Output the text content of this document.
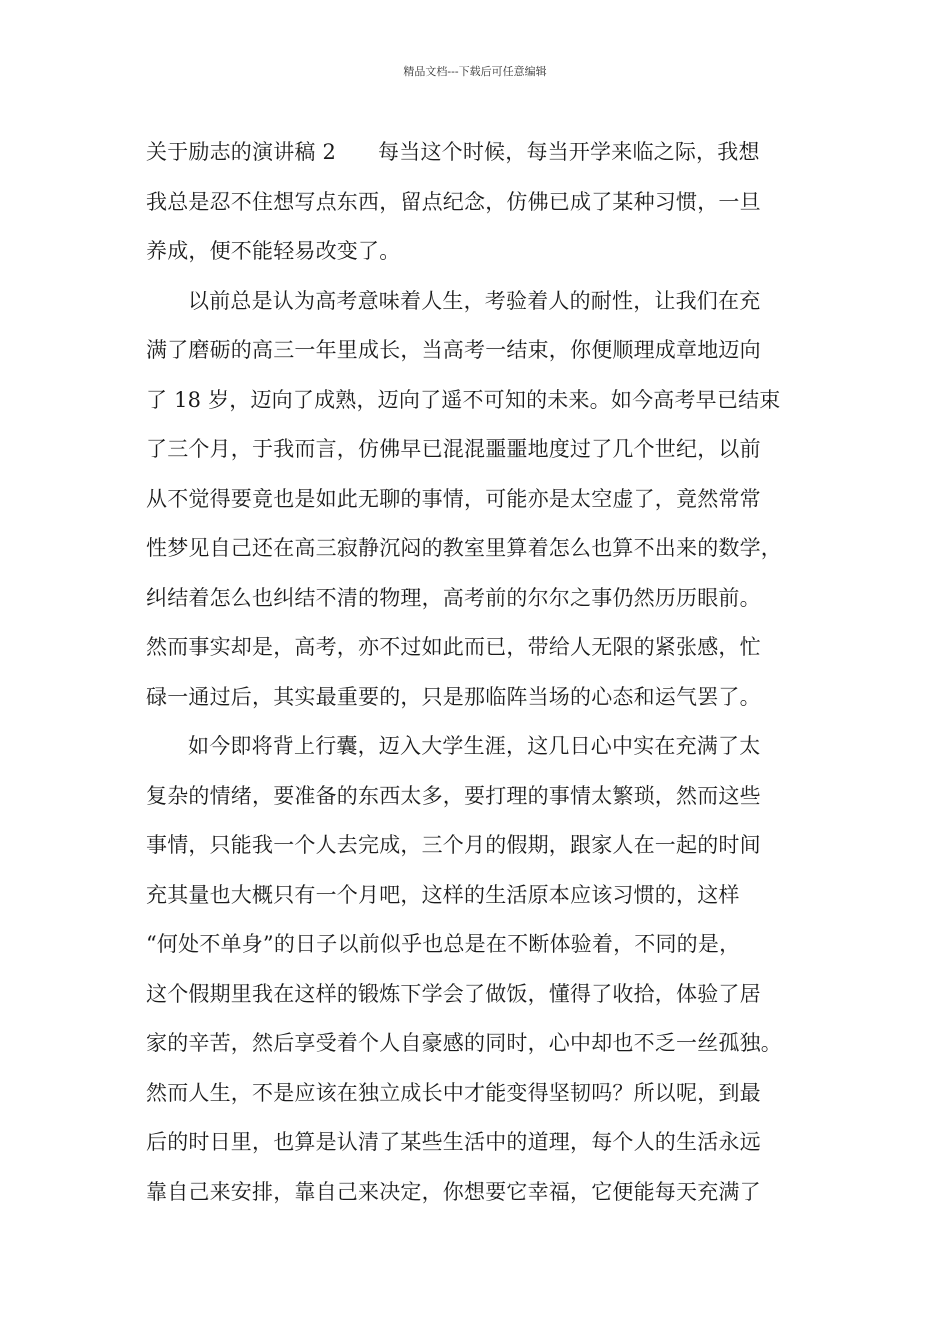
精品文档---下载后可任意编辑
关于励志的演讲稿 2 每当这个时候，每当开学来临之际，我想
我总是忍不住想写点东西，留点纪念，仿佛已成了某种习惯，一旦
养成，便不能轻易改变了。
以前总是认为高考意味着人生，考验着人的耐性，让我们在充
满了磨砺的高三一年里成长，当高考一结束，你便顺理成章地迈向
了 18 岁，迈向了成熟，迈向了遥不可知的未来。如今高考早已结束
了三个月，于我而言，仿佛早已混混噩噩地度过了几个世纪，以前
从不觉得要竟也是如此无聊的事情，可能亦是太空虚了，竟然常常
性梦见自己还在高三寂静沉闷的教室里算着怎么也算不出来的数学，
纠结着怎么也纠结不清的物理，高考前的尔尔之事仍然历历眼前。
然而事实却是，高考，亦不过如此而已，带给人无限的紧张感，忙
碌一通过后，其实最重要的，只是那临阵当场的心态和运气罢了。
如今即将背上行囊，迈入大学生涯，这几日心中实在充满了太
复杂的情绪，要准备的东西太多，要打理的事情太繁琐，然而这些
事情，只能我一个人去完成，三个月的假期，跟家人在一起的时间
充其量也大概只有一个月吧，这样的生活原本应该习惯的，这样
“何处不单身”的日子以前似乎也总是在不断体验着，不同的是，
这个假期里我在这样的锻炼下学会了做饭，懂得了收拾，体验了居
家的辛苦，然后享受着个人自豪感的同时，心中却也不乏一丝孤独。
然而人生，不是应该在独立成长中才能变得坚韧吗？所以呢，到最
后的时日里，也算是认清了某些生活中的道理，每个人的生活永远
靠自己来安排，靠自己来决定，你想要它幸福，它便能每天充满了
